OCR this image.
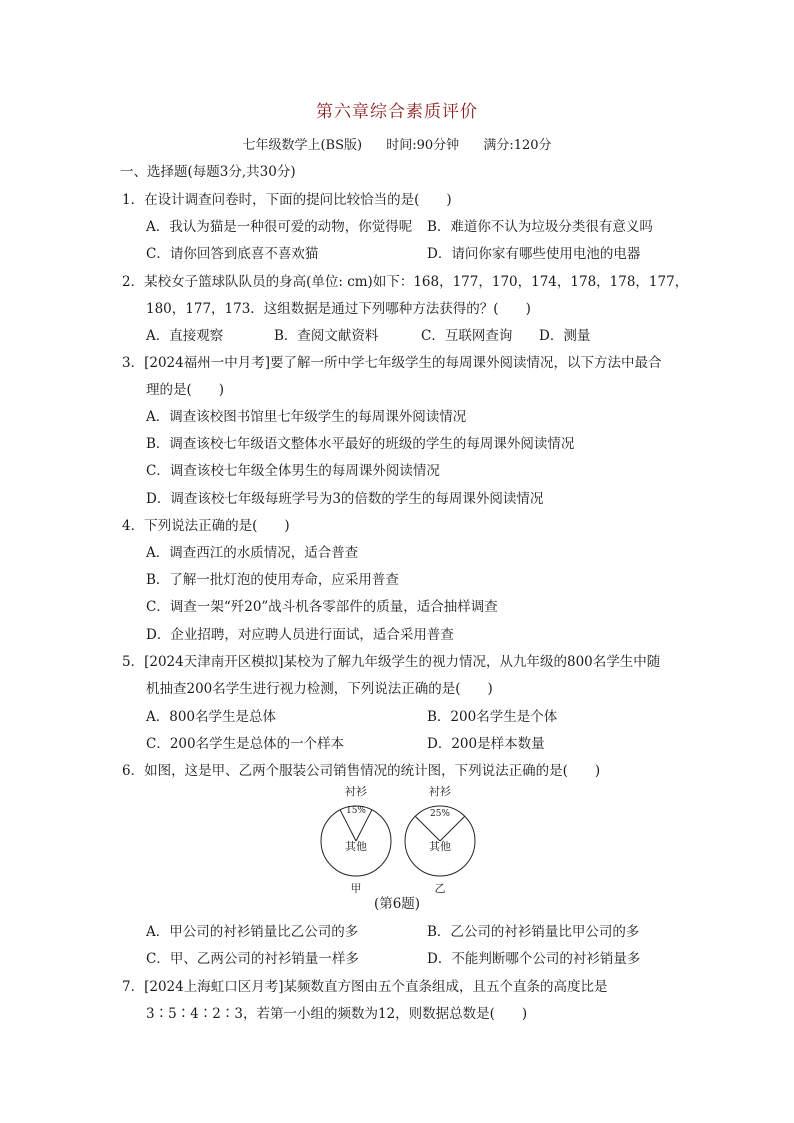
第六章综合素质评价
七年级数学上(BS版) 时间:90分钟 满分:120分
一、选择题(每题3分,共30分)
1．在设计调查问卷时，下面的提问比较恰当的是(　　)
A．我认为猫是一种很可爱的动物，你觉得呢 B．难道你不认为垃圾分类很有意义吗
C．请你回答到底喜不喜欢猫	D．请问你家有哪些使用电池的电器
2．某校女子篮球队队员的身高(单位: cm)如下：168，177，170，174，178，178，177，
180，177，173．这组数据是通过下列哪种方法获得的？(　　)
A．直接观察	B．查阅文献资料	C．互联网查询 D．测量
3．[2024福州一中月考]要了解一所中学七年级学生的每周课外阅读情况，以下方法中最合
理的是(　　)
A．调查该校图书馆里七年级学生的每周课外阅读情况
B．调查该校七年级语文整体水平最好的班级的学生的每周课外阅读情况
C．调查该校七年级全体男生的每周课外阅读情况
D．调查该校七年级每班学号为3的倍数的学生的每周课外阅读情况
4．下列说法正确的是(　　)
A．调查西江的水质情况，适合普查
B．了解一批灯泡的使用寿命，应采用普查
C．调查一架“歼20”战斗机各零部件的质量，适合抽样调查
D．企业招聘，对应聘人员进行面试，适合采用普查
5．[2024天津南开区模拟]某校为了解九年级学生的视力情况，从九年级的800名学生中随
机抽查200名学生进行视力检测，下列说法正确的是(　　)
A．800名学生是总体	B．200名学生是个体
C．200名学生是总体的一个样本	D．200是样本数量
6．如图，这是甲、乙两个服装公司销售情况的统计图，下列说法正确的是(　　)
衬衫
15%
其他
甲
衬衫
25%
其他
乙
(第6题)
A．甲公司的衬衫销量比乙公司的多	B．乙公司的衬衫销量比甲公司的多
C．甲、乙两公司的衬衫销量一样多	D．不能判断哪个公司的衬衫销量多
7．[2024上海虹口区月考]某频数直方图由五个直条组成，且五个直条的高度比是
3∶5∶4∶2∶3，若第一小组的频数为12，则数据总数是(　　)
